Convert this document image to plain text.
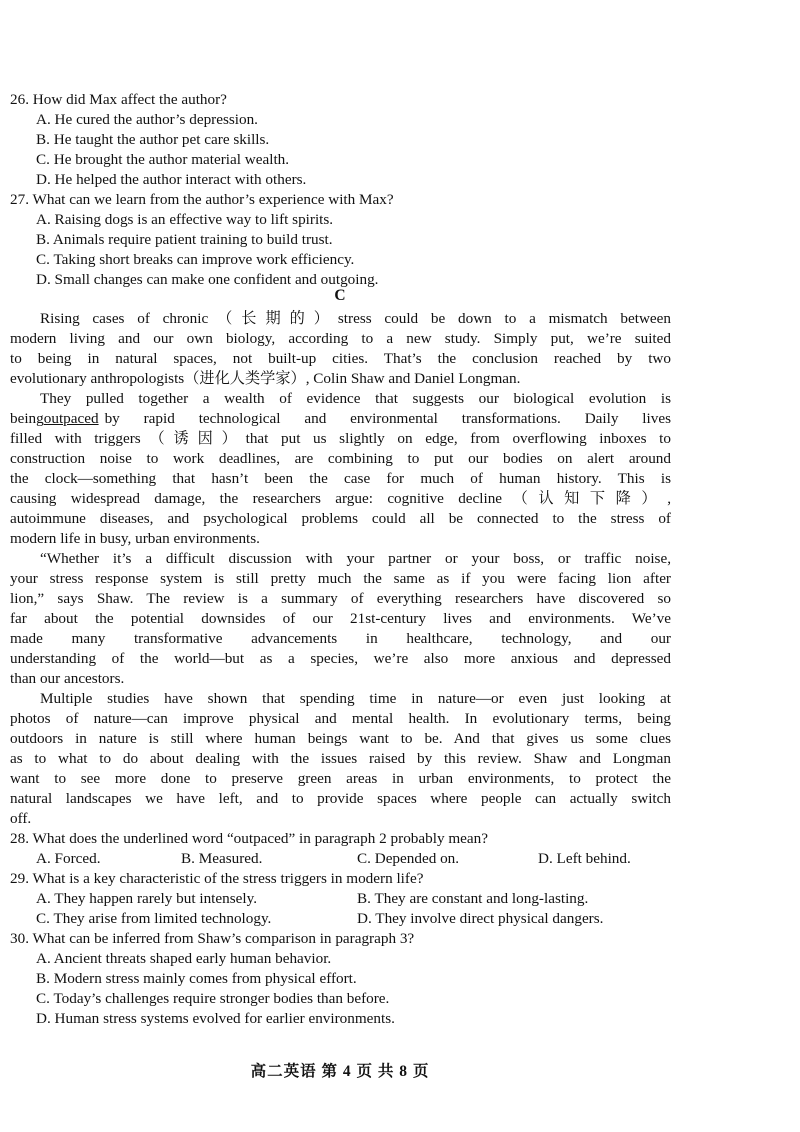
26. How did Max affect the author?
A. He cured the author’s depression.
B. He taught the author pet care skills.
C. He brought the author material wealth.
D. He helped the author interact with others.
27. What can we learn from the author’s experience with Max?
A. Raising dogs is an effective way to lift spirits.
B. Animals require patient training to build trust.
C. Taking short breaks can improve work efficiency.
D. Small changes can make one confident and outgoing.
C
Rising cases of chronic（长期的）stress could be down to a mismatch between
modern living and our own biology, according to a new study. Simply put, we’re suited
to being in natural spaces, not built-up cities. That’s the conclusion reached by two
evolutionary anthropologists（进化人类学家）, Colin Shaw and Daniel Longman.
They pulled together a wealth of evidence that suggests our biological evolution is
being outpaced by rapid technological and environmental transformations. Daily lives
filled with triggers（诱因）that put us slightly on edge, from overflowing inboxes to
construction noise to work deadlines, are combining to put our bodies on alert around
the clock—something that hasn’t been the case for much of human history. This is
causing widespread damage, the researchers argue: cognitive decline（认知下降）,
autoimmune diseases, and psychological problems could all be connected to the stress of
modern life in busy, urban environments.
“Whether it’s a difficult discussion with your partner or your boss, or traffic noise,
your stress response system is still pretty much the same as if you were facing lion after
lion,” says Shaw. The review is a summary of everything researchers have discovered so
far about the potential downsides of our 21st-century lives and environments. We’ve
made many transformative advancements in healthcare, technology, and our
understanding of the world—but as a species, we’re also more anxious and depressed
than our ancestors.
Multiple studies have shown that spending time in nature—or even just looking at
photos of nature—can improve physical and mental health. In evolutionary terms, being
outdoors in nature is still where human beings want to be. And that gives us some clues
as to what to do about dealing with the issues raised by this review. Shaw and Longman
want to see more done to preserve green areas in urban environments, to protect the
natural landscapes we have left, and to provide spaces where people can actually switch
off.
28. What does the underlined word “outpaced” in paragraph 2 probably mean?
A. Forced.	B. Measured.	C. Depended on.	D. Left behind.
29. What is a key characteristic of the stress triggers in modern life?
A. They happen rarely but intensely.	B. They are constant and long-lasting.
C. They arise from limited technology.	D. They involve direct physical dangers.
30. What can be inferred from Shaw’s comparison in paragraph 3?
A. Ancient threats shaped early human behavior.
B. Modern stress mainly comes from physical effort.
C. Today’s challenges require stronger bodies than before.
D. Human stress systems evolved for earlier environments.
高二英语 第 4 页 共 8 页
